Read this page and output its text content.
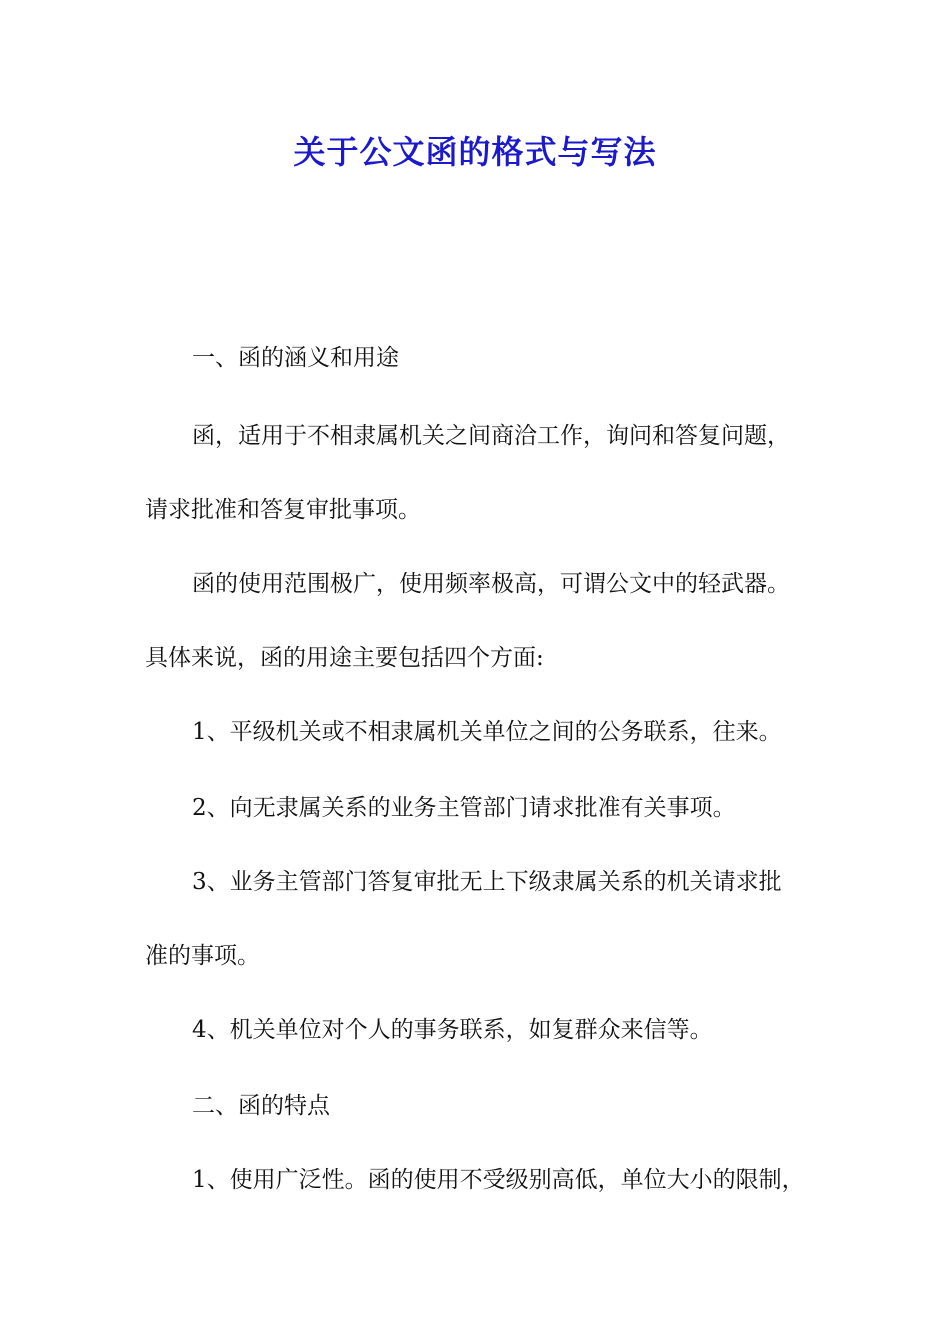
关于公文函的格式与写法
一、函的涵义和用途
函，适用于不相隶属机关之间商洽工作，询问和答复问题，
请求批准和答复审批事项。
函的使用范围极广，使用频率极高，可谓公文中的轻武器。
具体来说，函的用途主要包括四个方面:
1、平级机关或不相隶属机关单位之间的公务联系，往来。
2、向无隶属关系的业务主管部门请求批准有关事项。
3、业务主管部门答复审批无上下级隶属关系的机关请求批
准的事项。
4、机关单位对个人的事务联系，如复群众来信等。
二、函的特点
1、使用广泛性。函的使用不受级别高低，单位大小的限制，
